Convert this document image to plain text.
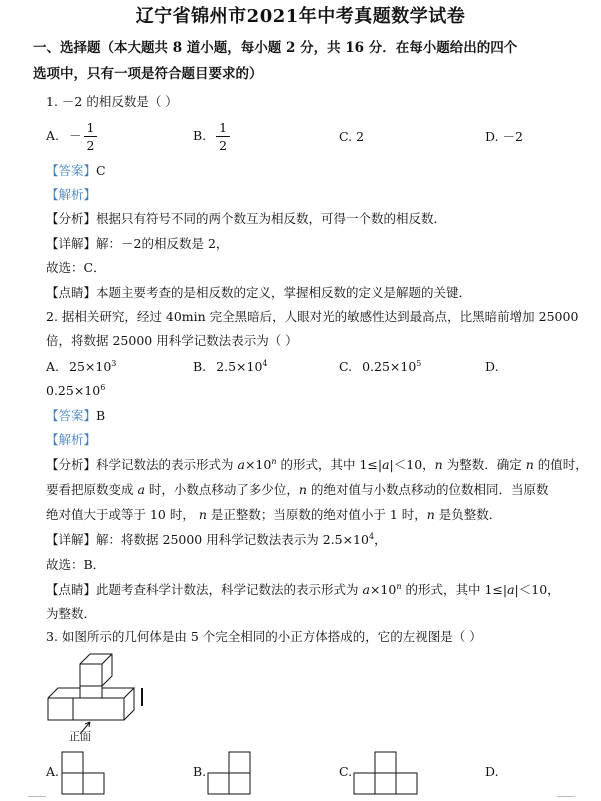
辽宁省锦州市2021年中考真题数学试卷
一、选择题（本大题共 8 道小题，每小题 2 分，共 16 分．在每小题给出的四个
选项中，只有一项是符合题目要求的）
1. －2 的相反数是（ ）
A. － $\frac{1}{2}$	B. $\frac{1}{2}$	C. 2	D. －2
【答案】C
【解析】
【分析】根据只有符号不同的两个数互为相反数，可得一个数的相反数．
【详解】解：－2的相反数是 2，
故选：C．
【点睛】本题主要考查的是相反数的定义，掌握相反数的定义是解题的关键．
2. 据相关研究，经过 40min 完全黑暗后，人眼对光的敏感性达到最高点，比黑暗前增加 25000
倍，将数据 25000 用科学记数法表示为（ ）
A. $25\times 10^3$	B. $2.5\times 10^4$	C. $0.25\times 10^5$	D.
$0.25\times 10^6$
【答案】B
【解析】
【分析】科学记数法的表示形式为 $a\times 10^n$ 的形式，其中 1≤|a|＜10，n 为整数．确定 n 的值时，
要看把原数变成 a 时，小数点移动了多少位，n 的绝对值与小数点移动的位数相同．当原数
绝对值大于或等于 10 时， n 是正整数；当原数的绝对值小于 1 时，n 是负整数．
【详解】解：将数据 25000 用科学记数法表示为 $2.5\times 10^4$，
故选：B．
【点睛】此题考查科学计数法，科学记数法的表示形式为 $a\times 10^n$ 的形式，其中 1≤|a|＜10，
为整数．
3. 如图所示的几何体是由 5 个完全相同的小正方体搭成的，它的左视图是（ ）
正面
A.	B.	C.	D.
